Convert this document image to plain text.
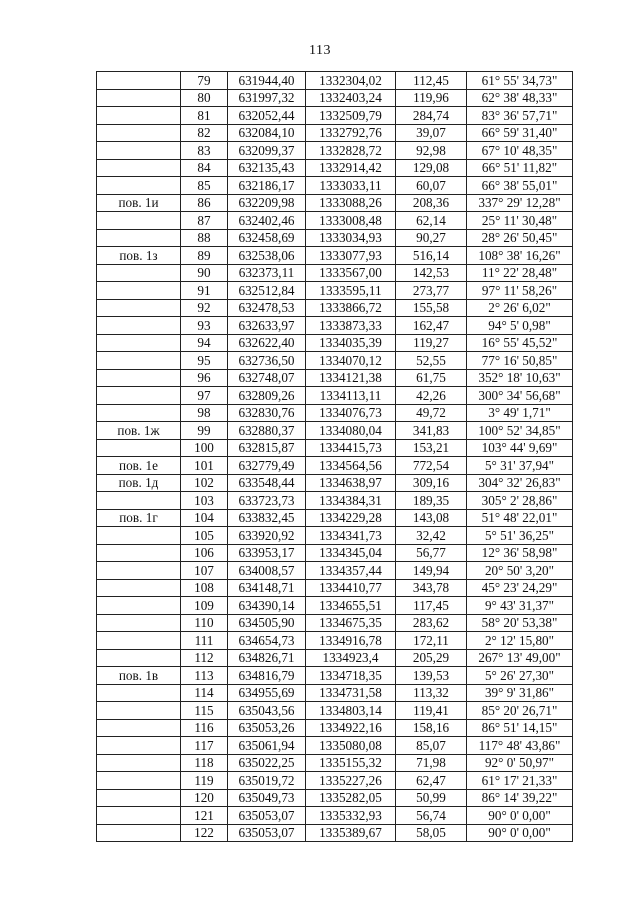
113
	79	631944,40	1332304,02	112,45	61° 55' 34,73"
	80	631997,32	1332403,24	119,96	62° 38' 48,33"
	81	632052,44	1332509,79	284,74	83° 36' 57,71"
	82	632084,10	1332792,76	39,07	66° 59' 31,40"
	83	632099,37	1332828,72	92,98	67° 10' 48,35"
	84	632135,43	1332914,42	129,08	66° 51' 11,82"
	85	632186,17	1333033,11	60,07	66° 38' 55,01"
пов. 1и	86	632209,98	1333088,26	208,36	337° 29' 12,28"
	87	632402,46	1333008,48	62,14	25° 11' 30,48"
	88	632458,69	1333034,93	90,27	28° 26' 50,45"
пов. 1з	89	632538,06	1333077,93	516,14	108° 38' 16,26"
	90	632373,11	1333567,00	142,53	11° 22' 28,48"
	91	632512,84	1333595,11	273,77	97° 11' 58,26"
	92	632478,53	1333866,72	155,58	2° 26' 6,02"
	93	632633,97	1333873,33	162,47	94° 5' 0,98"
	94	632622,40	1334035,39	119,27	16° 55' 45,52"
	95	632736,50	1334070,12	52,55	77° 16' 50,85"
	96	632748,07	1334121,38	61,75	352° 18' 10,63"
	97	632809,26	1334113,11	42,26	300° 34' 56,68"
	98	632830,76	1334076,73	49,72	3° 49' 1,71"
пов. 1ж	99	632880,37	1334080,04	341,83	100° 52' 34,85"
	100	632815,87	1334415,73	153,21	103° 44' 9,69"
пов. 1е	101	632779,49	1334564,56	772,54	5° 31' 37,94"
пов. 1д	102	633548,44	1334638,97	309,16	304° 32' 26,83"
	103	633723,73	1334384,31	189,35	305° 2' 28,86"
пов. 1г	104	633832,45	1334229,28	143,08	51° 48' 22,01"
	105	633920,92	1334341,73	32,42	5° 51' 36,25"
	106	633953,17	1334345,04	56,77	12° 36' 58,98"
	107	634008,57	1334357,44	149,94	20° 50' 3,20"
	108	634148,71	1334410,77	343,78	45° 23' 24,29"
	109	634390,14	1334655,51	117,45	9° 43' 31,37"
	110	634505,90	1334675,35	283,62	58° 20' 53,38"
	111	634654,73	1334916,78	172,11	2° 12' 15,80"
	112	634826,71	1334923,4	205,29	267° 13' 49,00"
пов. 1в	113	634816,79	1334718,35	139,53	5° 26' 27,30"
	114	634955,69	1334731,58	113,32	39° 9' 31,86"
	115	635043,56	1334803,14	119,41	85° 20' 26,71"
	116	635053,26	1334922,16	158,16	86° 51' 14,15"
	117	635061,94	1335080,08	85,07	117° 48' 43,86"
	118	635022,25	1335155,32	71,98	92° 0' 50,97"
	119	635019,72	1335227,26	62,47	61° 17' 21,33"
	120	635049,73	1335282,05	50,99	86° 14' 39,22"
	121	635053,07	1335332,93	56,74	90° 0' 0,00"
	122	635053,07	1335389,67	58,05	90° 0' 0,00"
